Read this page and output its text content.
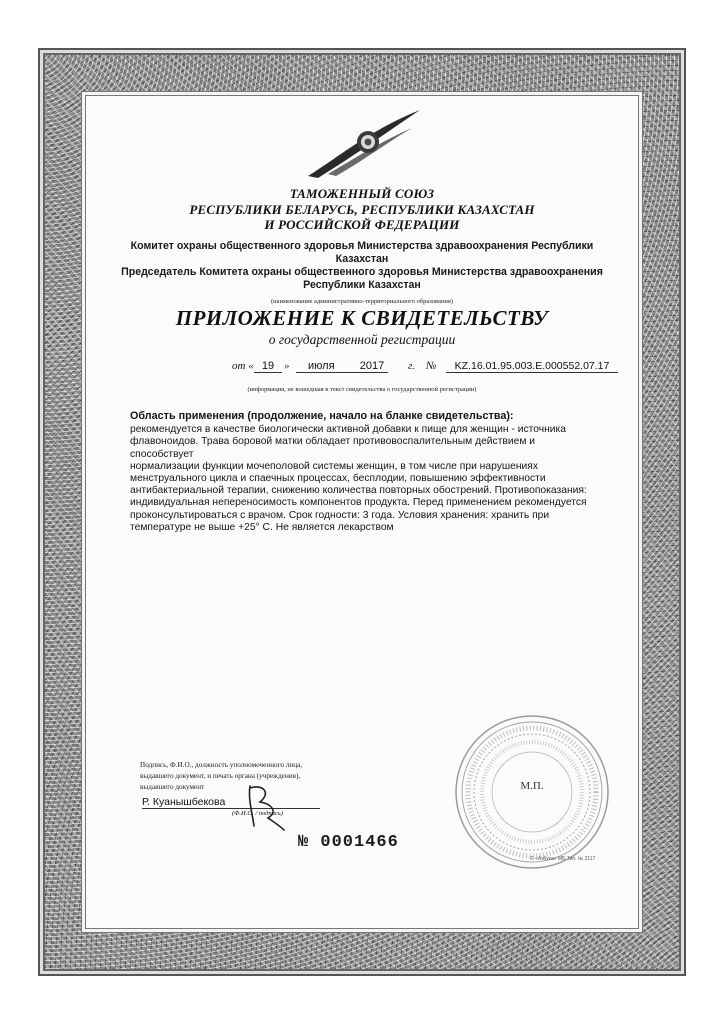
ТАМОЖЕННЫЙ СОЮЗ
РЕСПУБЛИКИ БЕЛАРУСЬ, РЕСПУБЛИКИ КАЗАХСТАН
И РОССИЙСКОЙ ФЕДЕРАЦИИ
Комитет охраны общественного здоровья Министерства здравоохранения Республики Казахстан
Председатель Комитета охраны общественного здоровья Министерства здравоохранения
Республики Казахстан
(наименование административно-территориального образования)
ПРИЛОЖЕНИЕ К СВИДЕТЕЛЬСТВУ
о государственной регистрации
от « 19 »	июля	2017	г. №	KZ.16.01.95.003.E.000552.07.17
(информация, не вошедшая в текст свидетельства о государственной регистрации)
Область применения (продолжение, начало на бланке свидетельства):
рекомендуется в качестве биологически активной добавки к пище для женщин - источника
флавоноидов. Трава боровой матки обладает противовоспалительным действием и способствует
нормализации функции мочеполовой системы женщин, в том числе при нарушениях
менструального цикла и спаечных процессах, бесплодии, повышению эффективности
антибактериальной терапии, снижению количества повторных обострений. Противопоказания:
индивидуальная непереносимость компонентов продукта. Перед применением рекомендуется
проконсультироваться с врачом. Срок годности: 3 года. Условия хранения: хранить при
температуре не выше +25° С. Не является лекарством
Подпись, Ф.И.О., должность уполномоченного лица,
выдавшего документ, и печать органа (учреждения),
выдавшего документ
Р. Куанышбекова
(Ф.И.О. / подпись)
№ 0001466
М.П.
© «Азбука» МБ Тип. № 2117
